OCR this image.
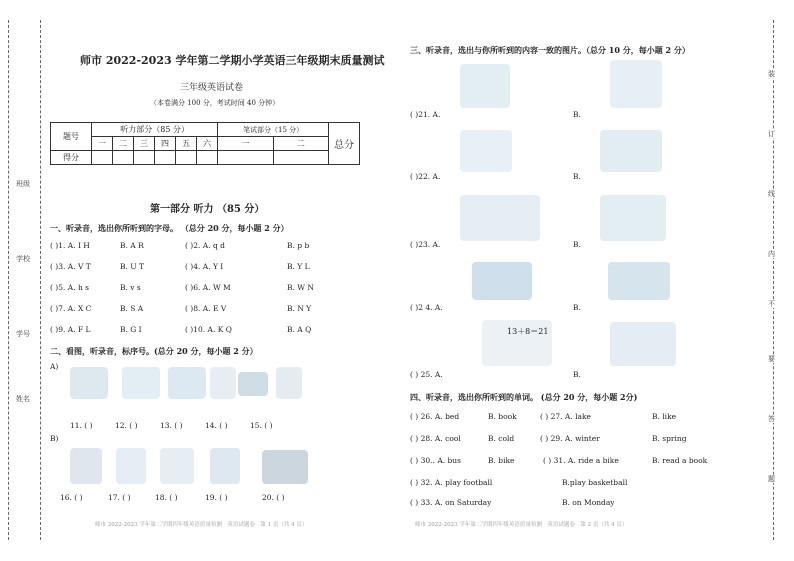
姓名
学号
学校
班级
师市 2022-2023 学年第二学期小学英语三年级期末质量测试
三年级英语试卷
（本卷满分 100 分，考试时间 40 分钟）
题号	听力部分（85 分）						笔试部分（15 分）		总分
	一	二	三	四	五	六	一	二	
得分									
第一部分 听力 （85 分）
一、听录音，选出你所听到的字母。 （总分 20 分，每小题 2 分）
( )1. A. I H	B. A R	( )2. A. q d	B. p b
( )3. A. V T	B. U T	( )4. A. Y I	B. Y L
( )5. A. h s	B. v s	( )6. A. W M	B. W N
( )7. A. X C	B. S A	( )8. A. E V	B. N Y
( )9. A. F L	B. G I	( )10. A. K Q	B. A Q
二、看图，听录音，标序号。(总分 20 分，每小题 2 分）
A)
11. ( )	12. ( )	13. ( )	14. ( )	15. ( )
B)
16. ( )	17. ( )	18. ( )	19. ( )	20. ( )
师市 2022-2023 学年第二学期四年级英语质量检测　英语试题卷　第 1 页（共 4 页）
三、听录音，选出与你所听到的内容一致的图片。（总分 10 分，每小题 2 分）
( )21. A.	B.
( )22. A.	B.
( )23. A.	B.
( )2 4. A.	B.
13＋8＝21
( ) 25. A.	B.
四、听录音，选出你所听到的单词。 (总分 20 分，每小题 2分)
( ) 26. A. bed	B. book	( ) 27. A. lake	B. like
( ) 28. A. cool	B. cold	( ) 29. A. winter	B. spring
( ) 30.. A. bus	B. bike	( ) 31. A. ride a bike	B. read a book
( ) 32. A. play football	B.play basketball
( ) 33. A. on Saturday	B. on Monday
师市 2022-2023 学年第二学期四年级英语质量检测　英语试题卷　第 2 页（共 4 页）
装
订
线
内
不
要
答
题
